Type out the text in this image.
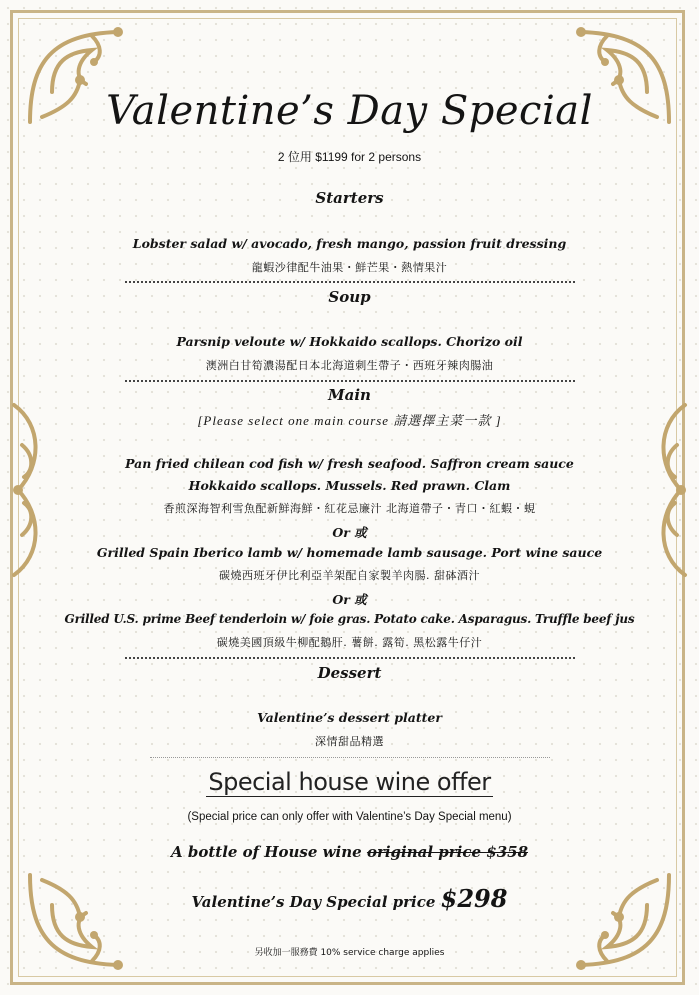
Valentine’s Day Special
2 位用 $1199 for 2 persons
Starters
Lobster salad w/ avocado, fresh mango, passion fruit dressing
龍蝦沙律配牛油果・鮮芒果・熱情果汁
Soup
Parsnip veloute w/ Hokkaido scallops. Chorizo oil
澳洲白甘筍濃湯配日本北海道刺生帶子・西班牙辣肉腸油
Main
[Please select one main course 請選擇主菜一款 ]
Pan fried chilean cod fish w/ fresh seafood. Saffron cream sauce
Hokkaido scallops. Mussels. Red prawn. Clam
香煎深海智利雪魚配新鮮海鮮・紅花忌廉汁 北海道帶子・青口・紅蝦・蜆
Or 或
Grilled Spain Iberico lamb w/ homemade lamb sausage. Port wine sauce
碳燒西班牙伊比利亞羊架配自家製羊肉腸. 甜砵酒汁
Or 或
Grilled U.S. prime Beef tenderloin w/ foie gras. Potato cake. Asparagus. Truffle beef jus
碳燒美國頂級牛柳配鵝肝. 薯餅. 露筍. 黑松露牛仔汁
Dessert
Valentine’s dessert platter
深情甜品精選
Special house wine offer
(Special price can only offer with Valentine’s Day Special menu)
A bottle of House wine original price $358
Valentine’s Day Special price $298
另收加一服務費 10% service charge applies
